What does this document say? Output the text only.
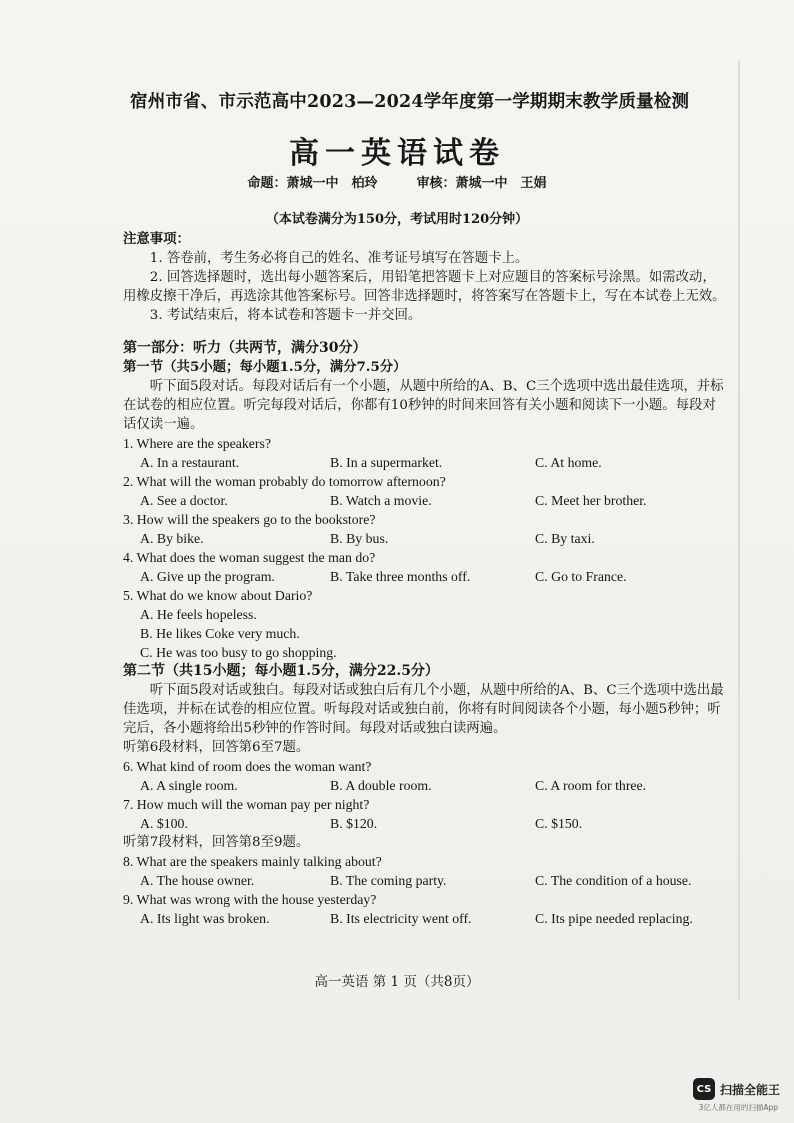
宿州市省、市示范高中2023—2024学年度第一学期期末教学质量检测
高一英语试卷
命题：萧城一中　柏玲　　　审核：萧城一中　王娟
（本试卷满分为150分，考试用时120分钟）
注意事项：
1. 答卷前，考生务必将自己的姓名、准考证号填写在答题卡上。
2. 回答选择题时，选出每小题答案后，用铅笔把答题卡上对应题目的答案标号涂黑。如需改动，用橡皮擦干净后，再选涂其他答案标号。回答非选择题时，将答案写在答题卡上，写在本试卷上无效。
3. 考试结束后，将本试卷和答题卡一并交回。
第一部分：听力（共两节，满分30分）
第一节（共5小题；每小题1.5分，满分7.5分）
听下面5段对话。每段对话后有一个小题，从题中所给的A、B、C三个选项中选出最佳选项，并标在试卷的相应位置。听完每段对话后，你都有10秒钟的时间来回答有关小题和阅读下一小题。每段对话仅读一遍。
1. Where are the speakers?
A. In a restaurant.	B. In a supermarket.	C. At home.
2. What will the woman probably do tomorrow afternoon?
A. See a doctor.	B. Watch a movie.	C. Meet her brother.
3. How will the speakers go to the bookstore?
A. By bike.	B. By bus.	C. By taxi.
4. What does the woman suggest the man do?
A. Give up the program.	B. Take three months off.	C. Go to France.
5. What do we know about Dario?
A. He feels hopeless.
B. He likes Coke very much.
C. He was too busy to go shopping.
第二节（共15小题；每小题1.5分，满分22.5分）
听下面5段对话或独白。每段对话或独白后有几个小题，从题中所给的A、B、C三个选项中选出最佳选项，并标在试卷的相应位置。听每段对话或独白前，你将有时间阅读各个小题，每小题5秒钟；听完后，各小题将给出5秒钟的作答时间。每段对话或独白读两遍。
听第6段材料，回答第6至7题。
6. What kind of room does the woman want?
A. A single room.	B. A double room.	C. A room for three.
7. How much will the woman pay per night?
A. $100.	B. $120.	C. $150.
听第7段材料，回答第8至9题。
8. What are the speakers mainly talking about?
A. The house owner.	B. The coming party.	C. The condition of a house.
9. What was wrong with the house yesterday?
A. Its light was broken.	B. Its electricity went off.	C. Its pipe needed replacing.
高一英语 第 1 页（共8页）
CS 扫描全能王
3亿人都在用的扫描App
